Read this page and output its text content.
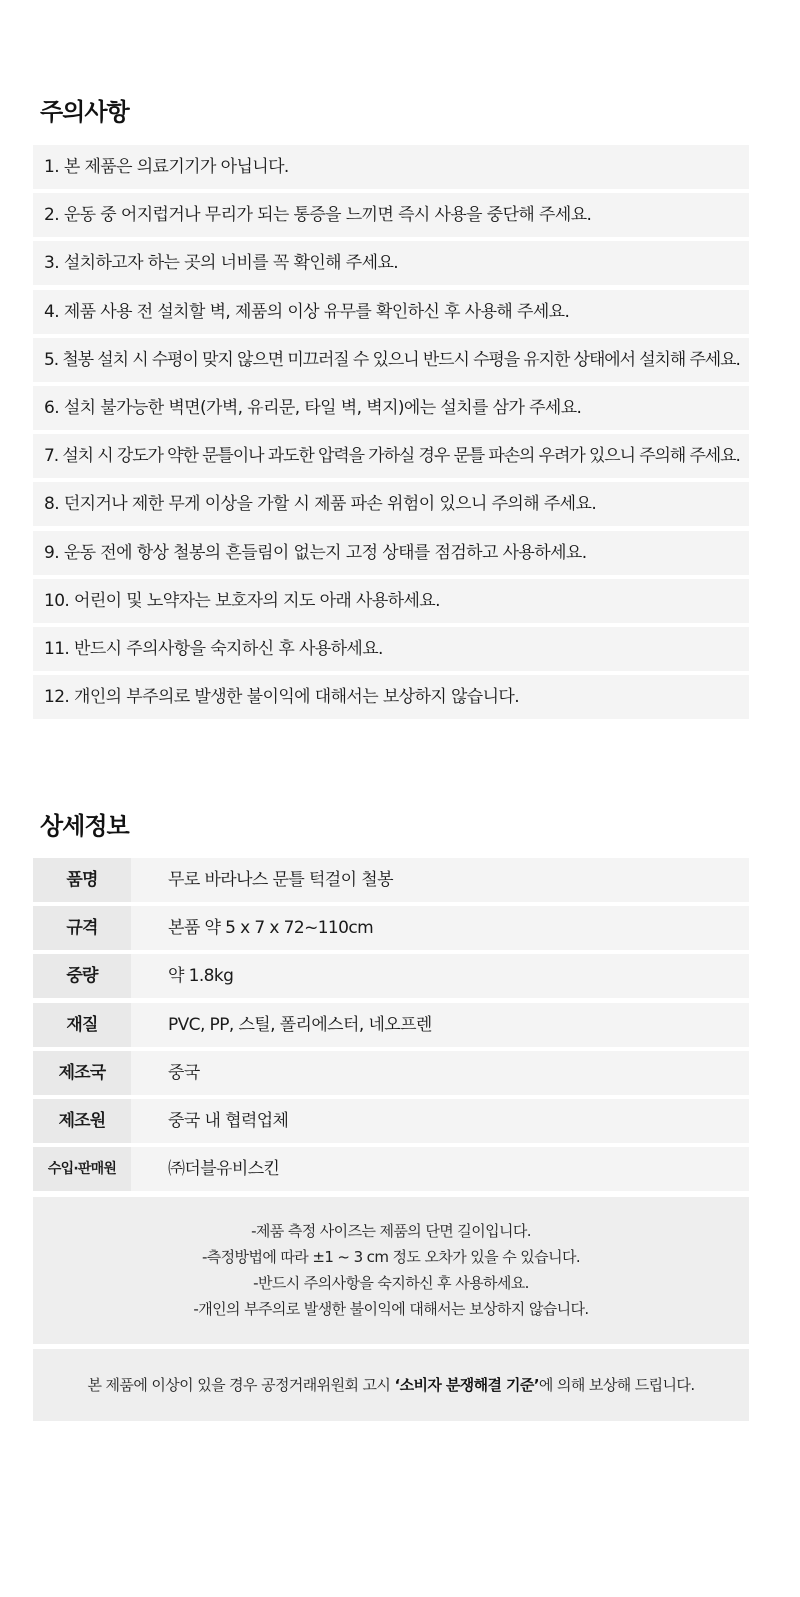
주의사항
1. 본 제품은 의료기기가 아닙니다.
2. 운동 중 어지럽거나 무리가 되는 통증을 느끼면 즉시 사용을 중단해 주세요.
3. 설치하고자 하는 곳의 너비를 꼭 확인해 주세요.
4. 제품 사용 전 설치할 벽, 제품의 이상 유무를 확인하신 후 사용해 주세요.
5. 철봉 설치 시 수평이 맞지 않으면 미끄러질 수 있으니 반드시 수평을 유지한 상태에서 설치해 주세요.
6. 설치 불가능한 벽면(가벽, 유리문, 타일 벽, 벽지)에는 설치를 삼가 주세요.
7. 설치 시 강도가 약한 문틀이나 과도한 압력을 가하실 경우 문틀 파손의 우려가 있으니 주의해 주세요.
8. 던지거나 제한 무게 이상을 가할 시 제품 파손 위험이 있으니 주의해 주세요.
9. 운동 전에 항상 철봉의 흔들림이 없는지 고정 상태를 점검하고 사용하세요.
10. 어린이 및 노약자는 보호자의 지도 아래 사용하세요.
11. 반드시 주의사항을 숙지하신 후 사용하세요.
12. 개인의 부주의로 발생한 불이익에 대해서는 보상하지 않습니다.
상세정보
품명	무로 바라나스 문틀 턱걸이 철봉
규격	본품 약 5 x 7 x 72~110cm
중량	약 1.8kg
재질	PVC, PP, 스틸, 폴리에스터, 네오프렌
제조국	중국
제조원	중국 내 협력업체
수입·판매원	㈜더블유비스킨
-제품 측정 사이즈는 제품의 단면 길이입니다.
-측정방법에 따라 ±1 ~ 3 cm 정도 오차가 있을 수 있습니다.
-반드시 주의사항을 숙지하신 후 사용하세요.
-개인의 부주의로 발생한 불이익에 대해서는 보상하지 않습니다.
본 제품에 이상이 있을 경우 공정거래위원회 고시 ‘소비자 분쟁해결 기준’에 의해 보상해 드립니다.
